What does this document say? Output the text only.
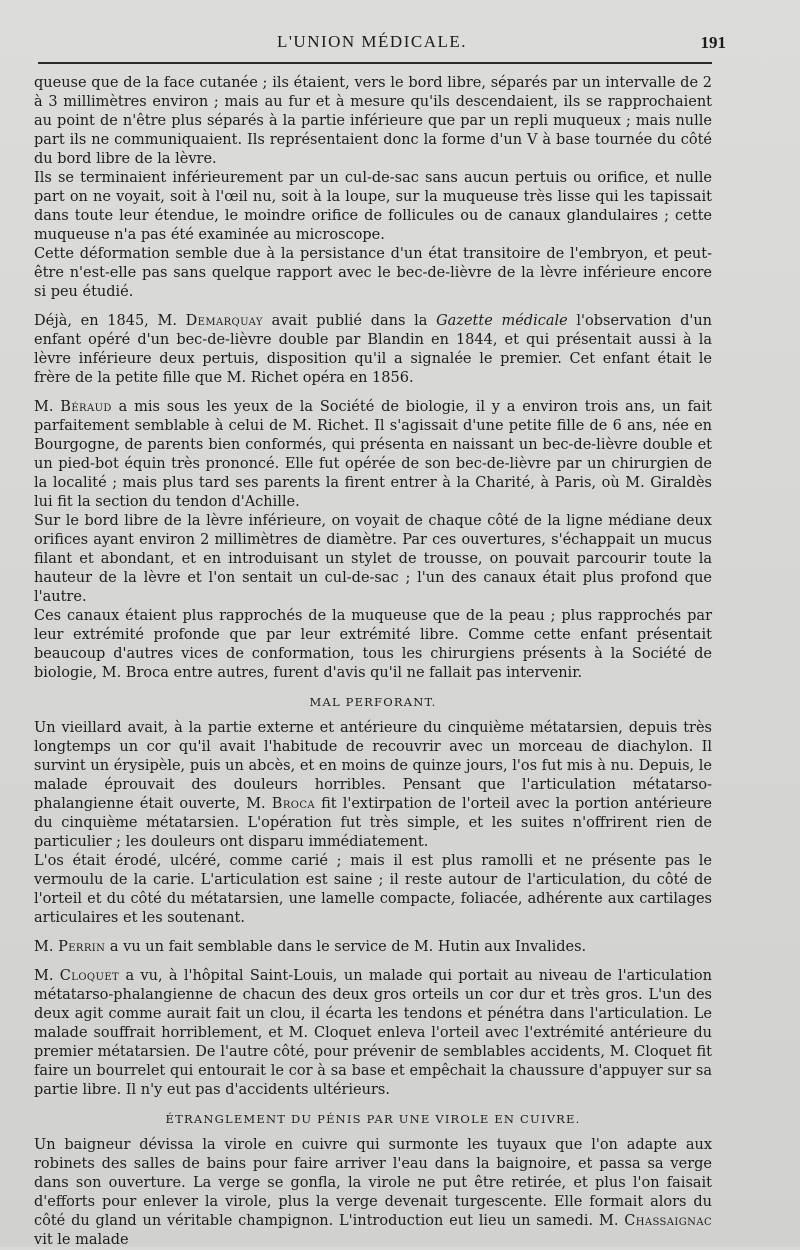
L'UNION MÉDICALE.	191

queuse que de la face cutanée ; ils étaient, vers le bord libre, séparés par un intervalle de 2 à 3 millimètres environ ; mais au fur et à mesure qu'ils descendaient, ils se rapprochaient au point de n'être plus séparés à la partie inférieure que par un repli muqueux ; mais nulle part ils ne communiquaient. Ils représentaient donc la forme d'un V à base tournée du côté du bord libre de la lèvre.

Ils se terminaient inférieurement par un cul-de-sac sans aucun pertuis ou orifice, et nulle part on ne voyait, soit à l'œil nu, soit à la loupe, sur la muqueuse très lisse qui les tapissait dans toute leur étendue, le moindre orifice de follicules ou de canaux glandulaires ; cette muqueuse n'a pas été examinée au microscope.

Cette déformation semble due à la persistance d'un état transitoire de l'embryon, et peut-être n'est-elle pas sans quelque rapport avec le bec-de-lièvre de la lèvre inférieure encore si peu étudié.

Déjà, en 1845, M. Demarquay avait publié dans la Gazette médicale l'observation d'un enfant opéré d'un bec-de-lièvre double par Blandin en 1844, et qui présentait aussi à la lèvre inférieure deux pertuis, disposition qu'il a signalée le premier. Cet enfant était le frère de la petite fille que M. Richet opéra en 1856.

M. Béraud a mis sous les yeux de la Société de biologie, il y a environ trois ans, un fait parfaitement semblable à celui de M. Richet. Il s'agissait d'une petite fille de 6 ans, née en Bourgogne, de parents bien conformés, qui présenta en naissant un bec-de-lièvre double et un pied-bot équin très prononcé. Elle fut opérée de son bec-de-lièvre par un chirurgien de la localité ; mais plus tard ses parents la firent entrer à la Charité, à Paris, où M. Giraldès lui fit la section du tendon d'Achille.

Sur le bord libre de la lèvre inférieure, on voyait de chaque côté de la ligne médiane deux orifices ayant environ 2 millimètres de diamètre. Par ces ouvertures, s'échappait un mucus filant et abondant, et en introduisant un stylet de trousse, on pouvait parcourir toute la hauteur de la lèvre et l'on sentait un cul-de-sac ; l'un des canaux était plus profond que l'autre.

Ces canaux étaient plus rapprochés de la muqueuse que de la peau ; plus rapprochés par leur extrémité profonde que par leur extrémité libre. Comme cette enfant présentait beaucoup d'autres vices de conformation, tous les chirurgiens présents à la Société de biologie, M. Broca entre autres, furent d'avis qu'il ne fallait pas intervenir.

MAL PERFORANT.

Un vieillard avait, à la partie externe et antérieure du cinquième métatarsien, depuis très longtemps un cor qu'il avait l'habitude de recouvrir avec un morceau de diachylon. Il survint un érysipèle, puis un abcès, et en moins de quinze jours, l'os fut mis à nu. Depuis, le malade éprouvait des douleurs horribles. Pensant que l'articulation métatarso-phalangienne était ouverte, M. Broca fit l'extirpation de l'orteil avec la portion antérieure du cinquième métatarsien. L'opération fut très simple, et les suites n'offrirent rien de particulier ; les douleurs ont disparu immédiatement.

L'os était érodé, ulcéré, comme carié ; mais il est plus ramolli et ne présente pas le vermoulu de la carie. L'articulation est saine ; il reste autour de l'articulation, du côté de l'orteil et du côté du métatarsien, une lamelle compacte, foliacée, adhérente aux cartilages articulaires et les soutenant.

M. Perrin a vu un fait semblable dans le service de M. Hutin aux Invalides.

M. Cloquet a vu, à l'hôpital Saint-Louis, un malade qui portait au niveau de l'articulation métatarso-phalangienne de chacun des deux gros orteils un cor dur et très gros. L'un des deux agit comme aurait fait un clou, il écarta les tendons et pénétra dans l'articulation. Le malade souffrait horriblement, et M. Cloquet enleva l'orteil avec l'extrémité antérieure du premier métatarsien. De l'autre côté, pour prévenir de semblables accidents, M. Cloquet fit faire un bourrelet qui entourait le cor à sa base et empêchait la chaussure d'appuyer sur sa partie libre. Il n'y eut pas d'accidents ultérieurs.

ÉTRANGLEMENT DU PÉNIS PAR UNE VIROLE EN CUIVRE.

Un baigneur dévissa la virole en cuivre qui surmonte les tuyaux que l'on adapte aux robinets des salles de bains pour faire arriver l'eau dans la baignoire, et passa sa verge dans son ouverture. La verge se gonfla, la virole ne put être retirée, et plus l'on faisait d'efforts pour enlever la virole, plus la verge devenait turgescente. Elle formait alors du côté du gland un véritable champignon. L'introduction eut lieu un samedi. M. Chassaignac vit le malade
